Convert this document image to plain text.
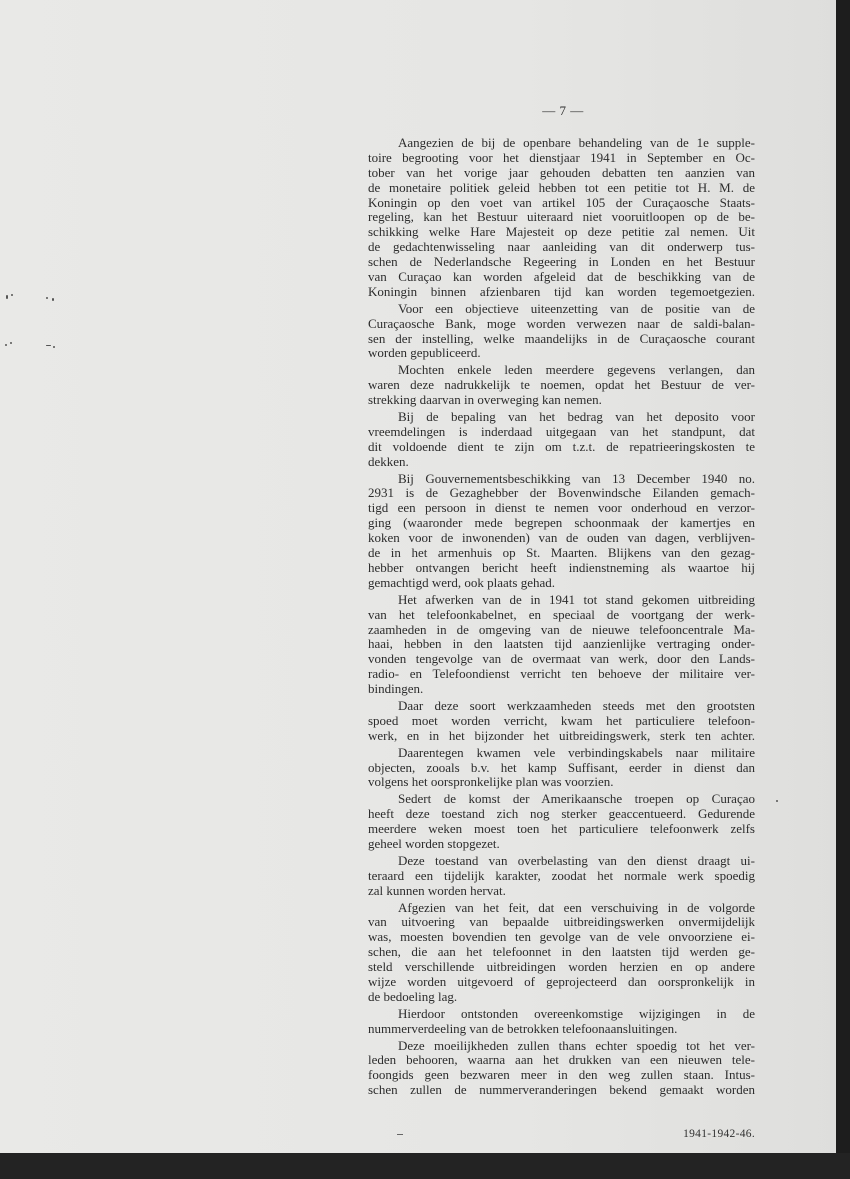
— 7 —
Aangezien de bij de openbare behandeling van de 1e supple-
toire begrooting voor het dienstjaar 1941 in September en Oc-
tober van het vorige jaar gehouden debatten ten aanzien van
de monetaire politiek geleid hebben tot een petitie tot H. M. de
Koningin op den voet van artikel 105 der Curaçaosche Staats-
regeling, kan het Bestuur uiteraard niet vooruitloopen op de be-
schikking welke Hare Majesteit op deze petitie zal nemen. Uit
de gedachtenwisseling naar aanleiding van dit onderwerp tus-
schen de Nederlandsche Regeering in Londen en het Bestuur
van Curaçao kan worden afgeleid dat de beschikking van de
Koningin binnen afzienbaren tijd kan worden tegemoetgezien.
Voor een objectieve uiteenzetting van de positie van de
Curaçaosche Bank, moge worden verwezen naar de saldi-balan-
sen der instelling, welke maandelijks in de Curaçaosche courant
worden gepubliceerd.
Mochten enkele leden meerdere gegevens verlangen, dan
waren deze nadrukkelijk te noemen, opdat het Bestuur de ver-
strekking daarvan in overweging kan nemen.
Bij de bepaling van het bedrag van het deposito voor
vreemdelingen is inderdaad uitgegaan van het standpunt, dat
dit voldoende dient te zijn om t.z.t. de repatrieeringskosten te
dekken.
Bij Gouvernementsbeschikking van 13 December 1940 no.
2931 is de Gezaghebber der Bovenwindsche Eilanden gemach-
tigd een persoon in dienst te nemen voor onderhoud en verzor-
ging (waaronder mede begrepen schoonmaak der kamertjes en
koken voor de inwonenden) van de ouden van dagen, verblijven-
de in het armenhuis op St. Maarten. Blijkens van den gezag-
hebber ontvangen bericht heeft indienstneming als waartoe hij
gemachtigd werd, ook plaats gehad.
Het afwerken van de in 1941 tot stand gekomen uitbreiding
van het telefoonkabelnet, en speciaal de voortgang der werk-
zaamheden in de omgeving van de nieuwe telefooncentrale Ma-
haai, hebben in den laatsten tijd aanzienlijke vertraging onder-
vonden tengevolge van de overmaat van werk, door den Lands-
radio- en Telefoondienst verricht ten behoeve der militaire ver-
bindingen.
Daar deze soort werkzaamheden steeds met den grootsten
spoed moet worden verricht, kwam het particuliere telefoon-
werk, en in het bijzonder het uitbreidingswerk, sterk ten achter.
Daarentegen kwamen vele verbindingskabels naar militaire
objecten, zooals b.v. het kamp Suffisant, eerder in dienst dan
volgens het oorspronkelijke plan was voorzien.
Sedert de komst der Amerikaansche troepen op Curaçao
heeft deze toestand zich nog sterker geaccentueerd. Gedurende
meerdere weken moest toen het particuliere telefoonwerk zelfs
geheel worden stopgezet.
Deze toestand van overbelasting van den dienst draagt ui-
teraard een tijdelijk karakter, zoodat het normale werk spoedig
zal kunnen worden hervat.
Afgezien van het feit, dat een verschuiving in de volgorde
van uitvoering van bepaalde uitbreidingswerken onvermijdelijk
was, moesten bovendien ten gevolge van de vele onvoorziene ei-
schen, die aan het telefoonnet in den laatsten tijd werden ge-
steld verschillende uitbreidingen worden herzien en op andere
wijze worden uitgevoerd of geprojecteerd dan oorspronkelijk in
de bedoeling lag.
Hierdoor ontstonden overeenkomstige wijzigingen in de
nummerverdeeling van de betrokken telefoonaansluitingen.
Deze moeilijkheden zullen thans echter spoedig tot het ver-
leden behooren, waarna aan het drukken van een nieuwen tele-
foongids geen bezwaren meer in den weg zullen staan. Intus-
schen zullen de nummerveranderingen bekend gemaakt worden
1941-1942-46.
